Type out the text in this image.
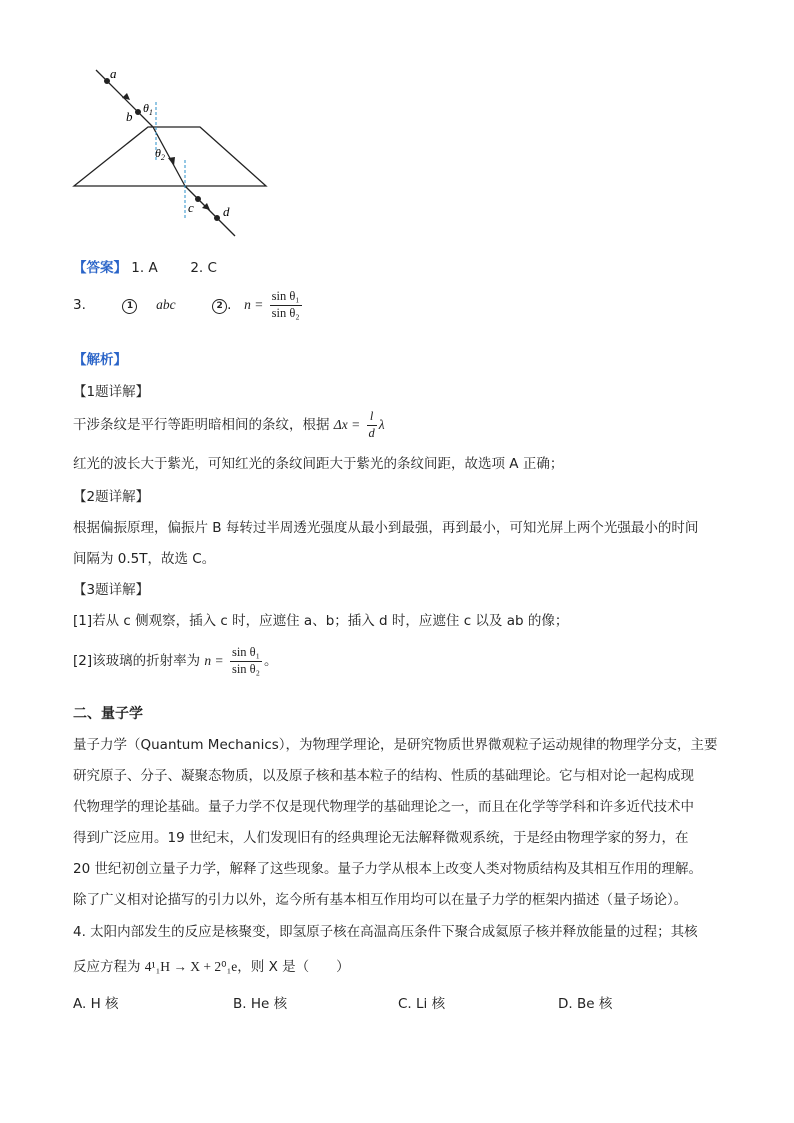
a
b
c d
$\theta_1$
$\theta_2$
【答案】 1. A 2. C
3.	1 abc	2 . $n = \frac{\text{sin θ₁}}{\text{sin θ₂}}$
【解析】
【1题详解】
干涉条纹是平行等距明暗相间的条纹，根据 $\Delta x = \frac{l}{d}$ λ
红光的波长大于紫光，可知红光的条纹间距大于紫光的条纹间距，故选项 A 正确；
【2题详解】
根据偏振原理，偏振片 B 每转过半周透光强度从最小到最强，再到最小，可知光屏上两个光强最小的时间
间隔为 0.5T，故选 C。
【3题详解】
[1]若从 c 侧观察，插入 c 时，应遮住 a、b；插入 d 时，应遮住 c 以及 ab 的像；
[2]该玻璃的折射率为 $n = \frac{\text{sin θ₁}}{\text{sin θ₂}}$ 。
二、量子学
量子力学（Quantum Mechanics），为物理学理论，是研究物质世界微观粒子运动规律的物理学分支，主要
研究原子、分子、凝聚态物质，以及原子核和基本粒子的结构、性质的基础理论。它与相对论一起构成现
代物理学的理论基础。量子力学不仅是现代物理学的基础理论之一，而且在化学等学科和许多近代技术中
得到广泛应用。19 世纪末，人们发现旧有的经典理论无法解释微观系统，于是经由物理学家的努力，在
20 世纪初创立量子力学，解释了这些现象。量子力学从根本上改变人类对物质结构及其相互作用的理解。
除了广义相对论描写的引力以外，迄今所有基本相互作用均可以在量子力学的框架内描述（量子场论）。
4. 太阳内部发生的反应是核聚变，即氢原子核在高温高压条件下聚合成氦原子核并释放能量的过程；其核
反应方程为 4¹₁H → X + 2⁰₁e，则 X 是（　　）
A. H 核	B. He 核	C. Li 核	D. Be 核
